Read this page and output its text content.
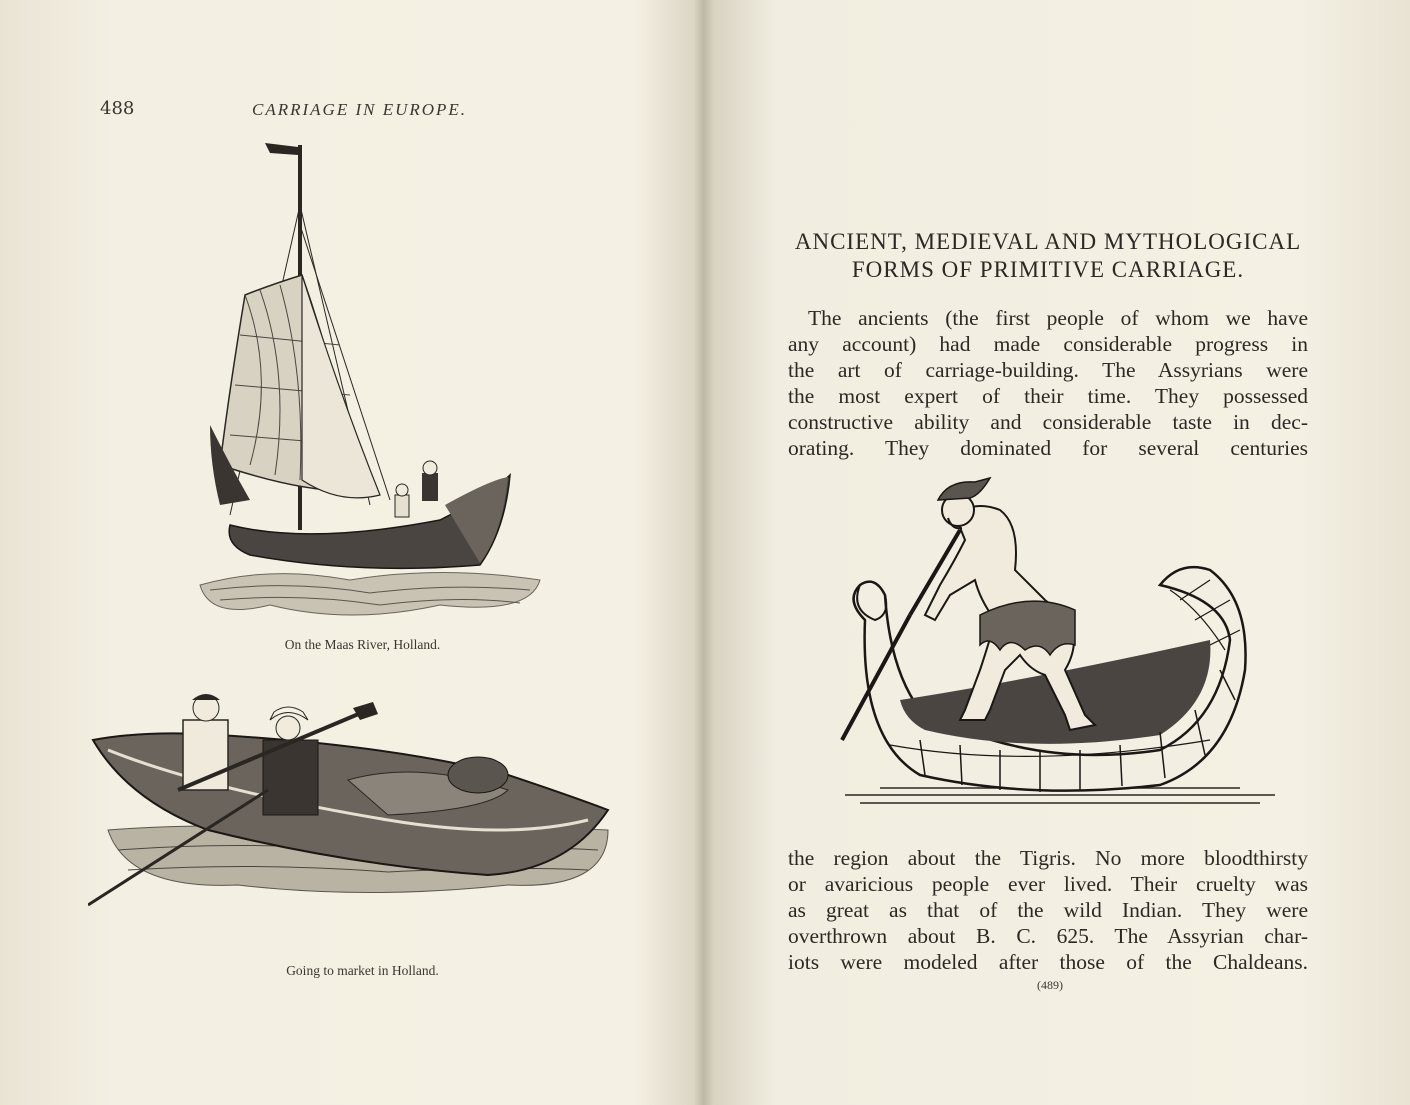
488	CARRIAGE IN EUROPE.
On the Maas River, Holland.
Going to market in Holland.
ANCIENT, MEDIEVAL AND MYTHOLOGICAL
FORMS OF PRIMITIVE CARRIAGE.
The ancients (the first people of whom we have
any account) had made considerable progress in
the art of carriage-building. The Assyrians were
the most expert of their time. They possessed
constructive ability and considerable taste in dec-
orating. They dominated for several centuries
the region about the Tigris. No more bloodthirsty
or avaricious people ever lived. Their cruelty was
as great as that of the wild Indian. They were
overthrown about B. C. 625. The Assyrian char-
iots were modeled after those of the Chaldeans.
(489)
